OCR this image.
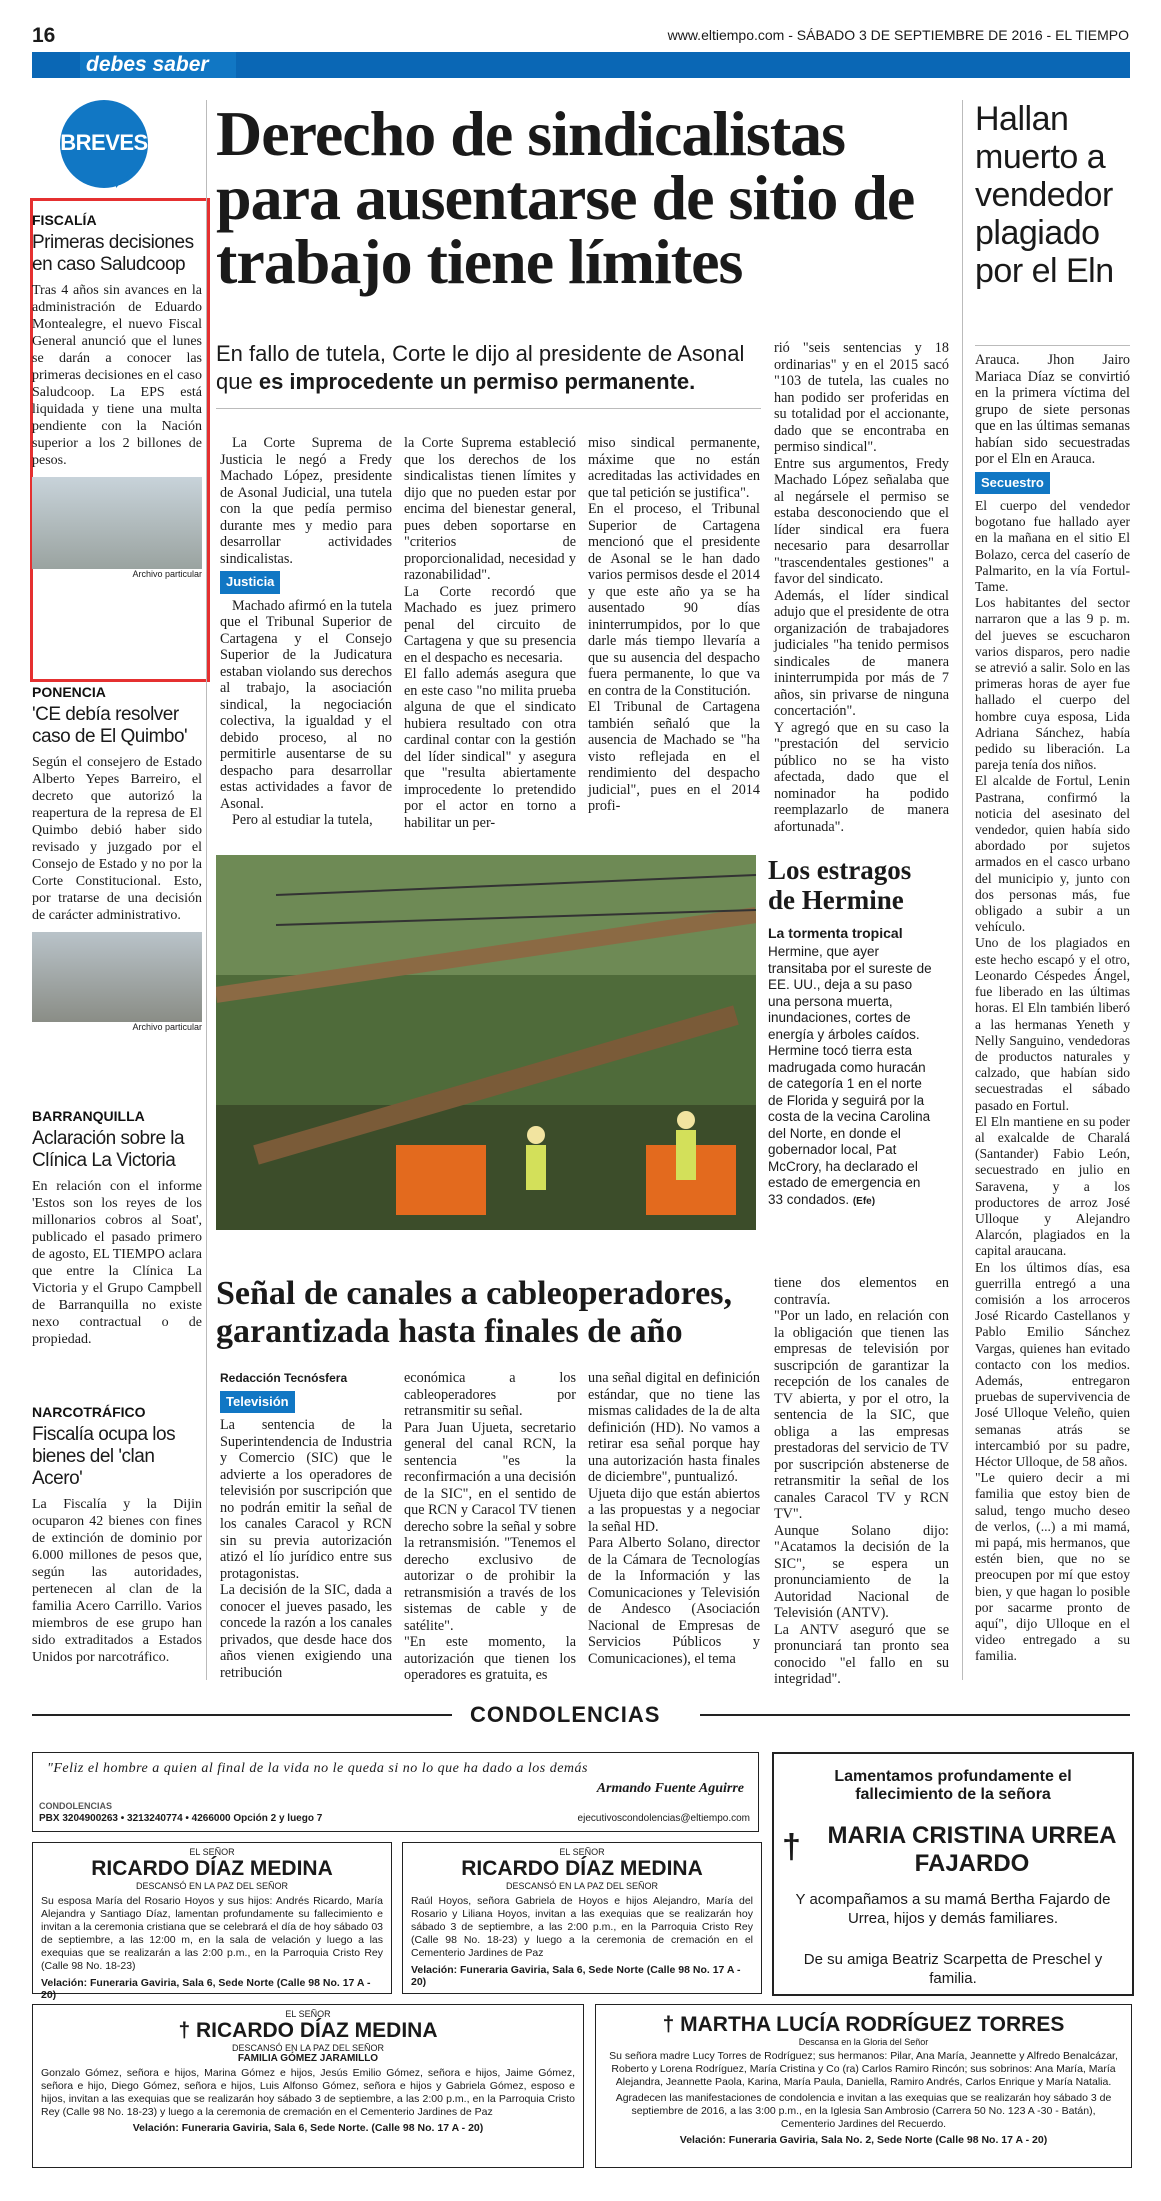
16	www.eltiempo.com - SÁBADO 3 DE SEPTIEMBRE DE 2016 - EL TIEMPO
debes saber
BREVES
FISCALÍA
Primeras decisiones en caso Saludcoop
Tras 4 años sin avances en la administración de Eduardo Montealegre, el nuevo Fiscal General anunció que el lunes se darán a conocer las primeras decisiones en el caso Saludcoop. La EPS está liquidada y tiene una multa pendiente con la Nación superior a los 2 billones de pesos.
Archivo particular
PONENCIA
'CE debía resolver caso de El Quimbo'
Según el consejero de Estado Alberto Yepes Barreiro, el decreto que autorizó la reapertura de la represa de El Quimbo debió haber sido revisado y juzgado por el Consejo de Estado y no por la Corte Constitucional. Esto, por tratarse de una decisión de carácter administrativo.
Archivo particular
BARRANQUILLA
Aclaración sobre la Clínica La Victoria
En relación con el informe 'Estos son los reyes de los millonarios cobros al Soat', publicado el pasado primero de agosto, EL TIEMPO aclara que entre la Clínica La Victoria y el Grupo Campbell de Barranquilla no existe nexo contractual o de propiedad.
NARCOTRÁFICO
Fiscalía ocupa los bienes del 'clan Acero'
La Fiscalía y la Dijin ocuparon 42 bienes con fines de extinción de dominio por 6.000 millones de pesos que, según las autoridades, pertenecen al clan de la familia Acero Carrillo. Varios miembros de ese grupo han sido extraditados a Estados Unidos por narcotráfico.
Derecho de sindicalistas para ausentarse de sitio de trabajo tiene límites
En fallo de tutela, Corte le dijo al presidente de Asonal
que es improcedente un permiso permanente.
La Corte Suprema de Justicia le negó a Fredy Machado López, presidente de Asonal Judicial, una tutela con la que pedía permiso durante mes y medio para desarrollar actividades sindicalistas.
Justicia
Machado afirmó en la tutela que el Tribunal Superior de Cartagena y el Consejo Superior de la Judicatura estaban violando sus derechos al trabajo, la asociación sindical, la negociación colectiva, la igualdad y el debido proceso, al no permitirle ausentarse de su despacho para desarrollar estas actividades a favor de Asonal.
Pero al estudiar la tutela,
la Corte Suprema estableció que los derechos de los sindicalistas tienen límites y dijo que no pueden estar por encima del bienestar general, pues deben soportarse en "criterios de proporcionalidad, necesidad y razonabilidad".
La Corte recordó que Machado es juez primero penal del circuito de Cartagena y que su presencia en el despacho es necesaria.
El fallo además asegura que en este caso "no milita prueba alguna de que el sindicato hubiera resultado con otra cardinal contar con la gestión del líder sindical" y asegura que "resulta abiertamente improcedente lo pretendido por el actor en torno a habilitar un per-
miso sindical permanente, máxime que no están acreditadas las actividades en que tal petición se justifica".
En el proceso, el Tribunal Superior de Cartagena mencionó que el presidente de Asonal se le han dado varios permisos desde el 2014 y que este año ya se ha ausentado 90 días ininterrumpidos, por lo que darle más tiempo llevaría a que su ausencia del despacho fuera permanente, lo que va en contra de la Constitución.
El Tribunal de Cartagena también señaló que la ausencia de Machado se "ha visto reflejada en el rendimiento del despacho judicial", pues en el 2014 profi-
rió "seis sentencias y 18 ordinarias" y en el 2015 sacó "103 de tutela, las cuales no han podido ser proferidas en su totalidad por el accionante, dado que se encontraba en permiso sindical".
Entre sus argumentos, Fredy Machado López señalaba que al negársele el permiso se estaba desconociendo que el líder sindical era fuera necesario para desarrollar "trascendentales gestiones" a favor del sindicato.
Además, el líder sindical adujo que el presidente de otra organización de trabajadores judiciales "ha tenido permisos sindicales de manera ininterrumpida por más de 7 años, sin privarse de ninguna concertación".
Y agregó que en su caso la "prestación del servicio público no se ha visto afectada, dado que el nominador ha podido reemplazarlo de manera afortunada".
Hallan muerto a vendedor plagiado por el Eln
Arauca. Jhon Jairo Mariaca Díaz se convirtió en la primera víctima del grupo de siete personas que en las últimas semanas habían sido secuestradas por el Eln en Arauca.
Secuestro
El cuerpo del vendedor bogotano fue hallado ayer en la mañana en el sitio El Bolazo, cerca del caserío de Palmarito, en la vía Fortul-Tame.
Los habitantes del sector narraron que a las 9 p. m. del jueves se escucharon varios disparos, pero nadie se atrevió a salir. Solo en las primeras horas de ayer fue hallado el cuerpo del hombre cuya esposa, Lida Adriana Sánchez, había pedido su liberación. La pareja tenía dos niños.
El alcalde de Fortul, Lenin Pastrana, confirmó la noticia del asesinato del vendedor, quien había sido abordado por sujetos armados en el casco urbano del municipio y, junto con dos personas más, fue obligado a subir a un vehículo.
Uno de los plagiados en este hecho escapó y el otro, Leonardo Céspedes Ángel, fue liberado en las últimas horas. El Eln también liberó a las hermanas Yeneth y Nelly Sanguino, vendedoras de productos naturales y calzado, que habían sido secuestradas el sábado pasado en Fortul.
El Eln mantiene en su poder al exalcalde de Charalá (Santander) Fabio León, secuestrado en julio en Saravena, y a los productores de arroz José Ulloque y Alejandro Alarcón, plagiados en la capital araucana.
En los últimos días, esa guerrilla entregó a una comisión a los arroceros José Ricardo Castellanos y Pablo Emilio Sánchez Vargas, quienes han evitado contacto con los medios. Además, entregaron pruebas de supervivencia de José Ulloque Veleño, quien semanas atrás se intercambió por su padre, Héctor Ulloque, de 58 años.
"Le quiero decir a mi familia que estoy bien de salud, tengo mucho deseo de verlos, (...) a mi mamá, mi papá, mis hermanos, que estén bien, que no se preocupen por mí que estoy bien, y que hagan lo posible por sacarme pronto de aquí", dijo Ulloque en el video entregado a su familia.
Los estragos de Hermine
La tormenta tropical
Hermine, que ayer transitaba por el sureste de EE. UU., deja a su paso una persona muerta, inundaciones, cortes de energía y árboles caídos. Hermine tocó tierra esta madrugada como huracán de categoría 1 en el norte de Florida y seguirá por la costa de la vecina Carolina del Norte, en donde el gobernador local, Pat McCrory, ha declarado el estado de emergencia en 33 condados. (Efe)
Señal de canales a cableoperadores, garantizada hasta finales de año
Redacción Tecnósfera
Televisión
La sentencia de la Superintendencia de Industria y Comercio (SIC) que le advierte a los operadores de televisión por suscripción que no podrán emitir la señal de los canales Caracol y RCN sin su previa autorización atizó el lío jurídico entre sus protagonistas.
La decisión de la SIC, dada a conocer el jueves pasado, les concede la razón a los canales privados, que desde hace dos años vienen exigiendo una retribución
económica a los cableoperadores por retransmitir su señal.
Para Juan Ujueta, secretario general del canal RCN, la sentencia "es la reconfirmación a una decisión de la SIC", en el sentido de que RCN y Caracol TV tienen derecho sobre la señal y sobre la retransmisión. "Tenemos el derecho exclusivo de autorizar o de prohibir la retransmisión a través de los sistemas de cable y de satélite".
"En este momento, la autorización que tienen los operadores es gratuita, es
una señal digital en definición estándar, que no tiene las mismas calidades de la de alta definición (HD). No vamos a retirar esa señal porque hay una autorización hasta finales de diciembre", puntualizó.
Ujueta dijo que están abiertos a las propuestas y a negociar la señal HD.
Para Alberto Solano, director de la Cámara de Tecnologías de la Información y las Comunicaciones y Televisión de Andesco (Asociación Nacional de Empresas de Servicios Públicos y Comunicaciones), el tema
tiene dos elementos en contravía.
"Por un lado, en relación con la obligación que tienen las empresas de televisión por suscripción de garantizar la recepción de los canales de TV abierta, y por el otro, la sentencia de la SIC, que obliga a las empresas prestadoras del servicio de TV por suscripción abstenerse de retransmitir la señal de los canales Caracol TV y RCN TV".
Aunque Solano dijo: "Acatamos la decisión de la SIC", se espera un pronunciamiento de la Autoridad Nacional de Televisión (ANTV).
La ANTV aseguró que se pronunciará tan pronto sea conocido "el fallo en su integridad".
CONDOLENCIAS
"Feliz el hombre a quien al final de la vida no le queda si no lo que ha dado a los demás
Armando Fuente Aguirre
CONDOLENCIAS
PBX 3204900263 • 3213240774 • 4266000 Opción 2 y luego 7	ejecutivoscondolencias@eltiempo.com
Lamentamos profundamente el fallecimiento de la señora
† MARIA CRISTINA URREA FAJARDO
Y acompañamos a su mamá Bertha Fajardo de Urrea, hijos y demás familiares.
De su amiga Beatriz Scarpetta de Preschel y familia.
EL SEÑOR
RICARDO DÍAZ MEDINA
DESCANSÓ EN LA PAZ DEL SEÑOR
Su esposa María del Rosario Hoyos y sus hijos: Andrés Ricardo, María Alejandra y Santiago Díaz, lamentan profundamente su fallecimiento e invitan a la ceremonia cristiana que se celebrará el día de hoy sábado 03 de septiembre, a las 12:00 m, en la sala de velación y luego a las exequias que se realizarán a las 2:00 p.m., en la Parroquia Cristo Rey (Calle 98 No. 18-23)
Velación: Funeraria Gaviria, Sala 6, Sede Norte (Calle 98 No. 17 A - 20)
EL SEÑOR
RICARDO DÍAZ MEDINA
DESCANSÓ EN LA PAZ DEL SEÑOR
Raúl Hoyos, señora Gabriela de Hoyos e hijos Alejandro, María del Rosario y Liliana Hoyos, invitan a las exequias que se realizarán hoy sábado 3 de septiembre, a las 2:00 p.m., en la Parroquia Cristo Rey (Calle 98 No. 18-23) y luego a la ceremonia de cremación en el Cementerio Jardines de Paz
Velación: Funeraria Gaviria, Sala 6, Sede Norte (Calle 98 No. 17 A - 20)
EL SEÑOR
† RICARDO DÍAZ MEDINA
DESCANSÓ EN LA PAZ DEL SEÑOR
FAMILIA GÓMEZ JARAMILLO
Gonzalo Gómez, señora e hijos, Marina Gómez e hijos, Jesús Emilio Gómez, señora e hijos, Jaime Gómez, señora e hijo, Diego Gómez, señora e hijos, Luis Alfonso Gómez, señora e hijos y Gabriela Gómez, esposo e hijos, invitan a las exequias que se realizarán hoy sábado 3 de septiembre, a las 2:00 p.m., en la Parroquia Cristo Rey (Calle 98 No. 18-23) y luego a la ceremonia de cremación en el Cementerio Jardines de Paz
Velación: Funeraria Gaviria, Sala 6, Sede Norte. (Calle 98 No. 17 A - 20)
† MARTHA LUCÍA RODRÍGUEZ TORRES
Descansa en la Gloria del Señor
Su señora madre Lucy Torres de Rodríguez; sus hermanos: Pilar, Ana María, Jeannette y Alfredo Benalcázar, Roberto y Lorena Rodríguez, María Cristina y Co (ra) Carlos Ramiro Rincón; sus sobrinos: Ana María, María Alejandra, Jeannette Paola, Karina, María Paula, Daniella, Ramiro Andrés, Carlos Enrique y María Natalia.
Agradecen las manifestaciones de condolencia e invitan a las exequias que se realizarán hoy sábado 3 de septiembre de 2016, a las 3:00 p.m., en la Iglesia San Ambrosio (Carrera 50 No. 123 A -30 - Batán), Cementerio Jardines del Recuerdo.
Velación: Funeraria Gaviria, Sala No. 2, Sede Norte (Calle 98 No. 17 A - 20)
